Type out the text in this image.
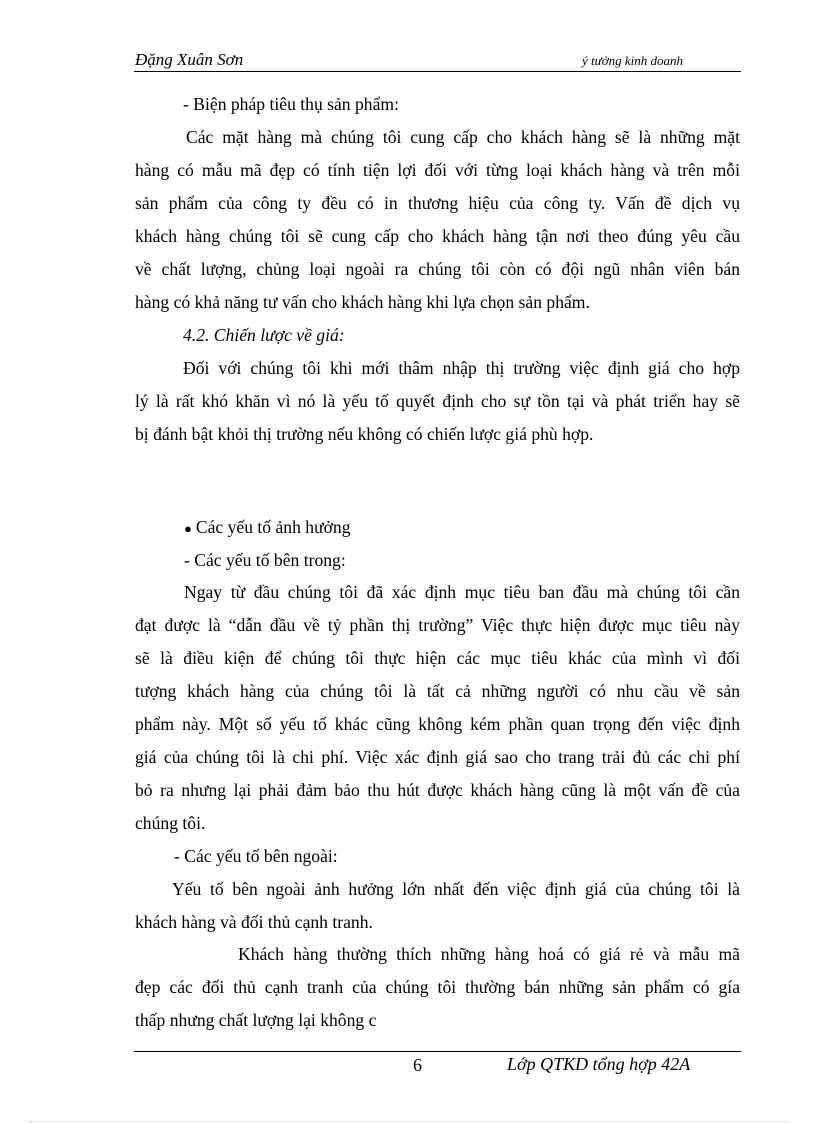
Đặng Xuân Sơn	ý tưởng kinh doanh

- Biện pháp tiêu thụ sản phẩm:

Các mặt hàng mà chúng tôi cung cấp cho khách hàng sẽ là những mặt

hàng có mẫu mã đẹp có tính tiện lợi đối với từng loại khách hàng và trên mỗi

sản phẩm của công ty đều có in thương hiệu của công ty. Vấn đề dịch vụ

khách hàng chúng tôi sẽ cung cấp cho khách hàng tận nơi theo đúng yêu cầu

về chất lượng, chủng loại ngoài ra chúng tôi còn có đội ngũ nhân viên bán

hàng có khả năng tư vấn cho khách hàng khi lựa chọn sản phẩm.

4.2. Chiến lược về giá:

Đối với chúng tôi khi mới thâm nhập thị trường việc định giá cho hợp

lý là rất khó khăn vì nó là yếu tố quyết định cho sự tồn tại và phát triển hay sẽ

bị đánh bật khỏi thị trường nếu không có chiến lược giá phù hợp.

● Các yếu tố ảnh hưởng

- Các yếu tố bên trong:

Ngay từ đầu chúng tôi đã xác định mục tiêu ban đầu mà chúng tôi cần

đạt được là “dẫn đầu về tỷ phần thị trường” Việc thực hiện được mục tiêu này

sẽ là điều kiện để chúng tôi thực hiện các mục tiêu khác của mình vì đối

tượng khách hàng của chúng tôi là tất cả những người có nhu cầu về sản

phẩm này. Một số yếu tố khác cũng không kém phần quan trọng đến việc định

giá của chúng tôi là chi phí. Việc xác định giá sao cho trang trải đủ các chi phí

bỏ ra nhưng lại phải đảm bảo thu hút được khách hàng cũng là một vấn đề của

chúng tôi.

- Các yếu tố bên ngoài:

Yếu tố bên ngoài ảnh hưởng lớn nhất đến việc định giá của chúng tôi là

khách hàng và đối thủ cạnh tranh.

Khách hàng thường thích những hàng hoá có giá rẻ và mẫu mã

đẹp các đối thủ cạnh tranh của chúng tôi thường bán những sản phẩm có gía

thấp nhưng chất lượng lại không c

6	Lớp QTKD tổng hợp 42A
